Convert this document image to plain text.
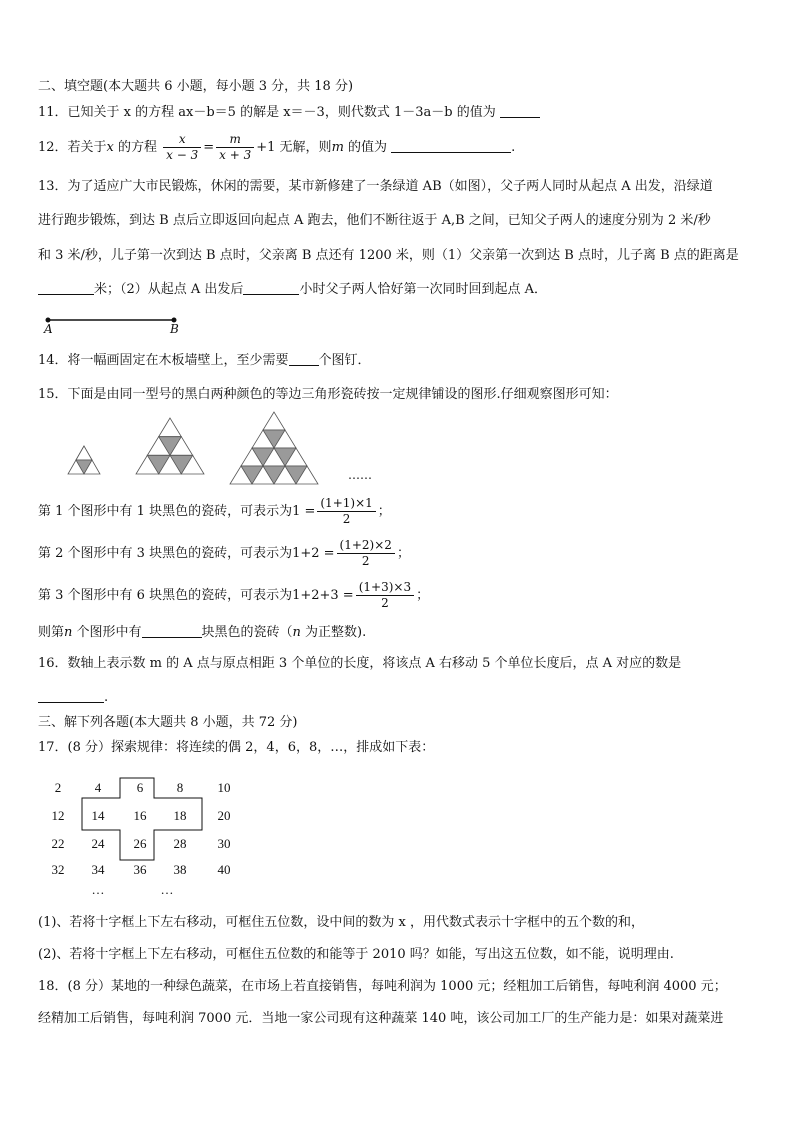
二、填空题(本大题共 6 小题，每小题 3 分，共 18 分)
11．已知关于 x 的方程 ax－b＝5 的解是 x＝－3，则代数式 1－3a－b 的值为
12．若关于x 的方程 $\frac{x}{x - 3} = \frac{m}{x + 3} +1$ 无解，则m 的值为	.
13．为了适应广大市民锻炼，休闲的需要，某市新修建了一条绿道 AB（如图），父子两人同时从起点 A 出发，沿绿道
进行跑步锻炼，到达 B 点后立即返回向起点 A 跑去，他们不断往返于 A,B 之间，已知父子两人的速度分别为 2 米/秒
和 3 米/秒，儿子第一次到达 B 点时，父亲离 B 点还有 1200 米，则（1）父亲第一次到达 B 点时，儿子离 B 点的距离是
米；（2）从起点 A 出发后	小时父子两人恰好第一次同时回到起点 A．
A	B
14．将一幅画固定在木板墙壁上，至少需要 个图钉．
15．下面是由同一型号的黑白两种颜色的等边三角形瓷砖按一定规律铺设的图形.仔细观察图形可知：
……
第 1 个图形中有 1 块黑色的瓷砖，可表示为$1 = \frac{(1+1)\times 1}{2}$ ；
第 2 个图形中有 3 块黑色的瓷砖，可表示为$1+2 = \frac{(1+2)\times 2}{2}$ ；
第 3 个图形中有 6 块黑色的瓷砖，可表示为$1+2+3 = \frac{(1+3)\times 3}{2}$ ；
则第n 个图形中有	块黑色的瓷砖（n 为正整数).
16．数轴上表示数 m 的 A 点与原点相距 3 个单位的长度，将该点 A 右移动 5 个单位长度后，点 A 对应的数是
.
三、解下列各题(本大题共 8 小题，共 72 分)
17．(8 分）探索规律：将连续的偶 2，4，6，8，…，排成如下表：
2	4	6	8	10
12	14	16	18	20
22	24	26	28	30
32	34	36	38	40
…	…
(1)、若将十字框上下左右移动，可框住五位数，设中间的数为 x ，用代数式表示十字框中的五个数的和，
(2)、若将十字框上下左右移动，可框住五位数的和能等于 2010 吗？如能，写出这五位数，如不能，说明理由.
18．(8 分）某地的一种绿色蔬菜，在市场上若直接销售，每吨利润为 1000 元；经粗加工后销售，每吨利润 4000 元；
经精加工后销售，每吨利润 7000 元．当地一家公司现有这种蔬菜 140 吨，该公司加工厂的生产能力是：如果对蔬菜进
